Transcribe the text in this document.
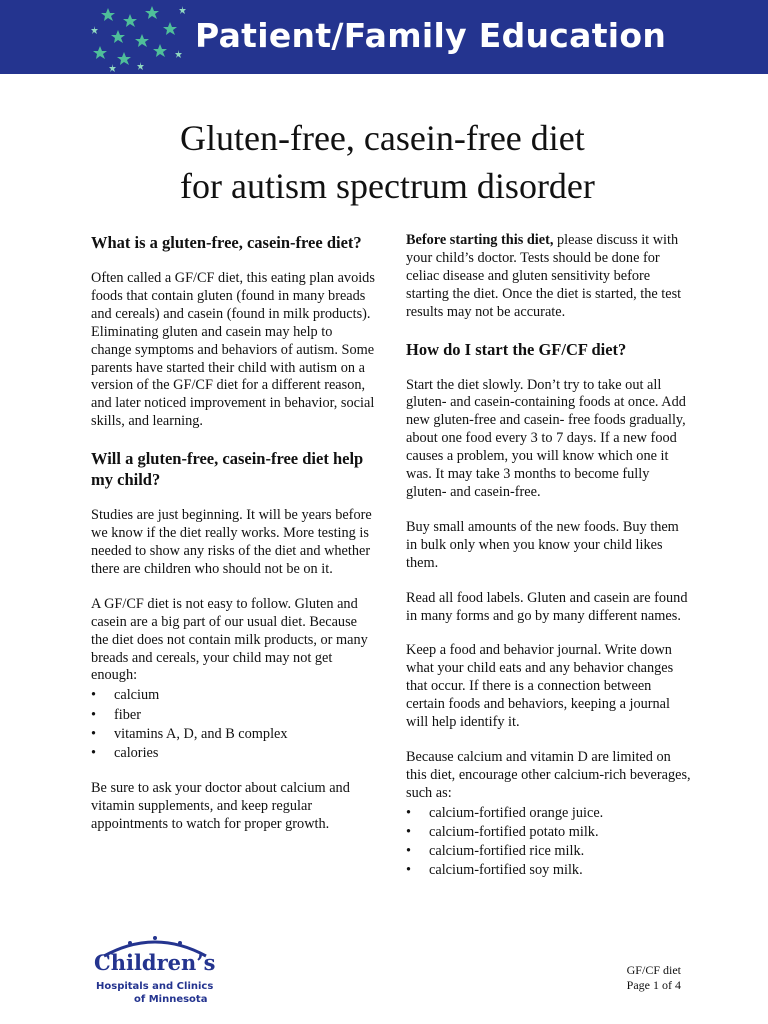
Patient/Family Education
Gluten-free, casein-free diet
for autism spectrum disorder
What is a gluten-free, casein-free diet?

Often called a GF/CF diet, this eating plan avoids foods that contain gluten (found in many breads and cereals) and casein (found in milk products). Eliminating gluten and casein may help to change symptoms and behaviors of autism. Some parents have started their child with autism on a version of the GF/CF diet for a different reason, and later noticed improvement in behavior, social skills, and learning.

Will a gluten-free, casein-free diet help my child?

Studies are just beginning. It will be years before we know if the diet really works. More testing is needed to show any risks of the diet and whether there are children who should not be on it.

A GF/CF diet is not easy to follow. Gluten and casein are a big part of our usual diet. Because the diet does not contain milk products, or many breads and cereals, your child may not get enough:

• calcium
• fiber
• vitamins A, D, and B complex
• calories

Be sure to ask your doctor about calcium and vitamin supplements, and keep regular appointments to watch for proper growth.

Before starting this diet, please discuss it with your child’s doctor. Tests should be done for celiac disease and gluten sensitivity before starting the diet. Once the diet is started, the test results may not be accurate.

How do I start the GF/CF diet?

Start the diet slowly. Don’t try to take out all gluten- and casein-containing foods at once. Add new gluten-free and casein- free foods gradually, about one food every 3 to 7 days. If a new food causes a problem, you will know which one it was. It may take 3 months to become fully gluten- and casein-free.

Buy small amounts of the new foods. Buy them in bulk only when you know your child likes them.

Read all food labels. Gluten and casein are found in many forms and go by many different names.

Keep a food and behavior journal. Write down what your child eats and any behavior changes that occur. If there is a connection between certain foods and behaviors, keeping a journal will help identify it.

Because calcium and vitamin D are limited on this diet, encourage other calcium-rich beverages, such as:

• calcium-fortified orange juice.
• calcium-fortified potato milk.
• calcium-fortified rice milk.
• calcium-fortified soy milk.
Children’s
Hospitals and Clinics
of Minnesota
GF/CF diet
Page 1 of 4
